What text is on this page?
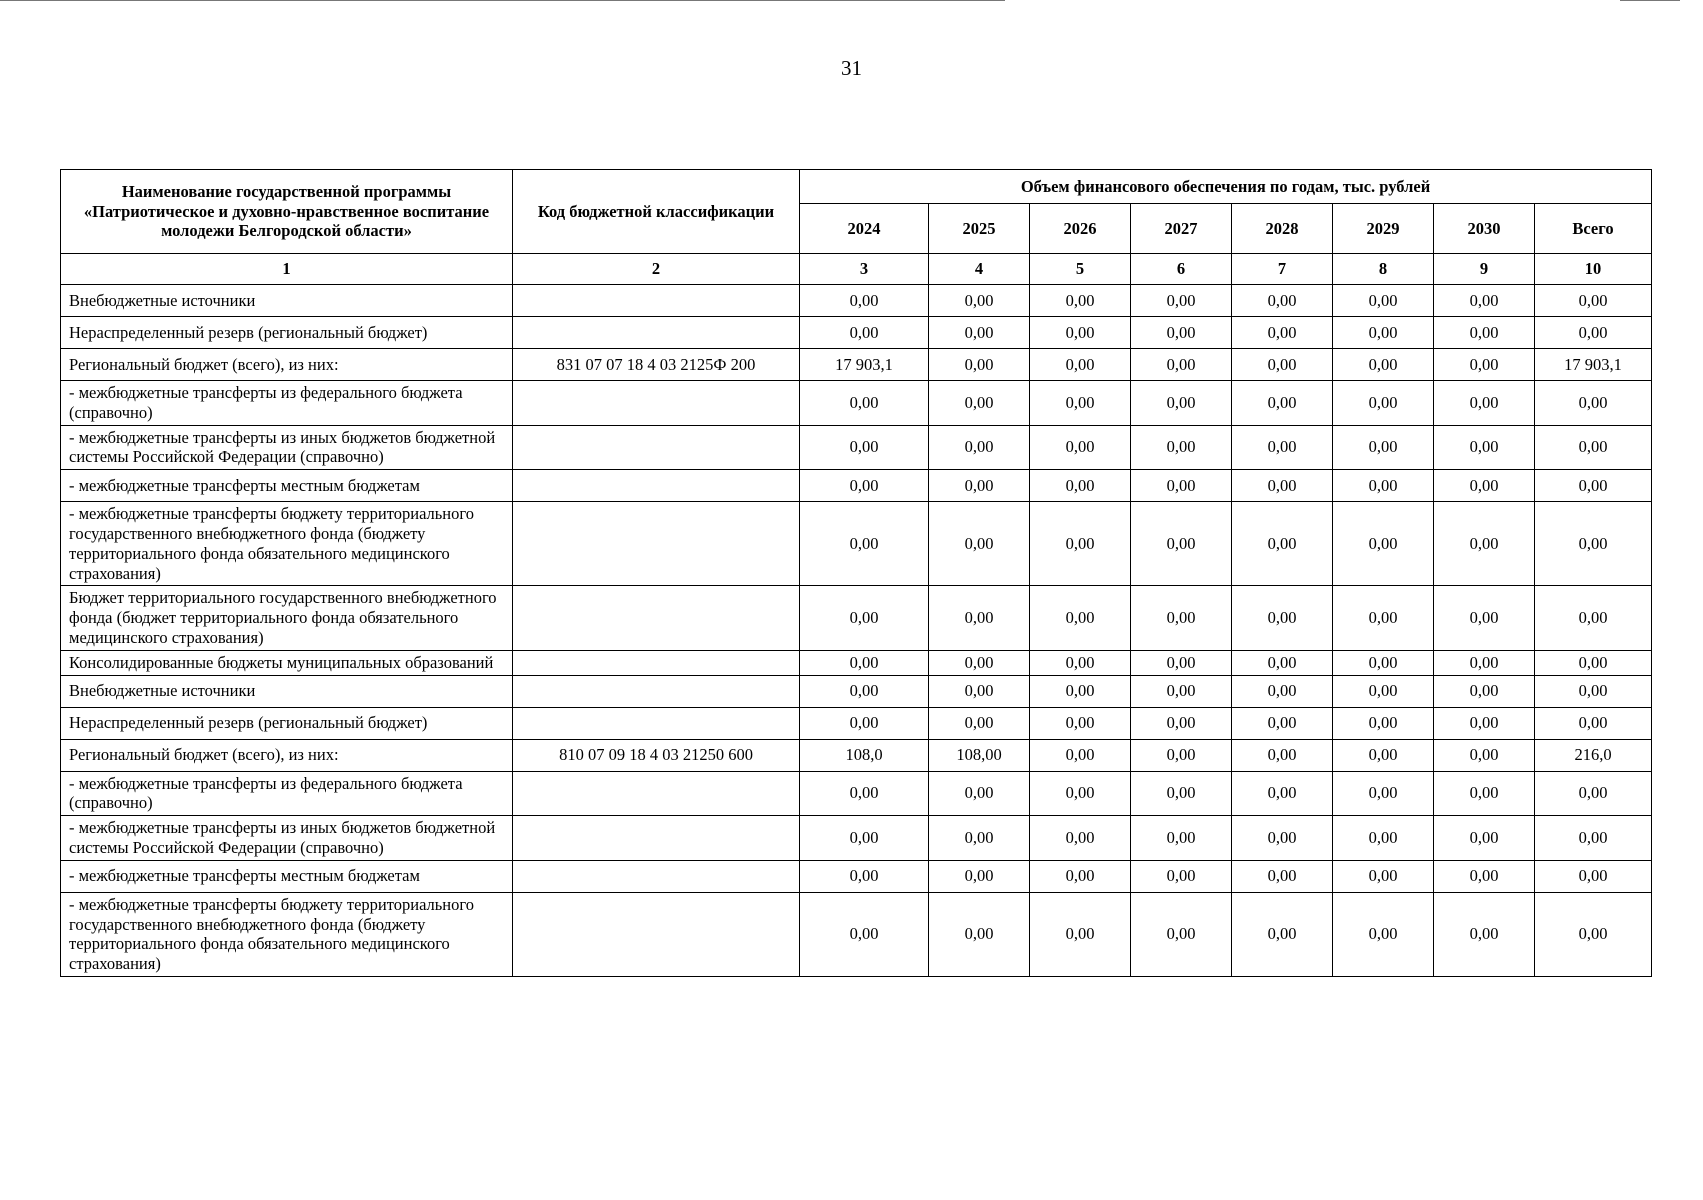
31
Наименование государственной программы «Патриотическое и духовно-нравственное воспитание молодежи Белгородской области»	Код бюджетной классификации	Объем финансового обеспечения по годам, тыс. рублей							
		2024	2025	2026	2027	2028	2029	2030	Всего
1	2	3	4	5	6	7	8	9	10
Внебюджетные источники		0,00	0,00	0,00	0,00	0,00	0,00	0,00	0,00
Нераспределенный резерв (региональный бюджет)		0,00	0,00	0,00	0,00	0,00	0,00	0,00	0,00
Региональный бюджет (всего), из них:	831 07 07 18 4 03 2125Ф 200	17 903,1	0,00	0,00	0,00	0,00	0,00	0,00	17 903,1
- межбюджетные трансферты из федерального бюджета (справочно)		0,00	0,00	0,00	0,00	0,00	0,00	0,00	0,00
- межбюджетные трансферты из иных бюджетов бюджетной системы Российской Федерации (справочно)		0,00	0,00	0,00	0,00	0,00	0,00	0,00	0,00
- межбюджетные трансферты местным бюджетам		0,00	0,00	0,00	0,00	0,00	0,00	0,00	0,00
- межбюджетные трансферты бюджету территориального государственного внебюджетного фонда (бюджету территориального фонда обязательного медицинского страхования)		0,00	0,00	0,00	0,00	0,00	0,00	0,00	0,00
Бюджет территориального государственного внебюджетного фонда (бюджет территориального фонда обязательного медицинского страхования)		0,00	0,00	0,00	0,00	0,00	0,00	0,00	0,00
Консолидированные бюджеты муниципальных образований		0,00	0,00	0,00	0,00	0,00	0,00	0,00	0,00
Внебюджетные источники		0,00	0,00	0,00	0,00	0,00	0,00	0,00	0,00
Нераспределенный резерв (региональный бюджет)		0,00	0,00	0,00	0,00	0,00	0,00	0,00	0,00
Региональный бюджет (всего), из них:	810 07 09 18 4 03 21250 600	108,0	108,00	0,00	0,00	0,00	0,00	0,00	216,0
- межбюджетные трансферты из федерального бюджета (справочно)		0,00	0,00	0,00	0,00	0,00	0,00	0,00	0,00
- межбюджетные трансферты из иных бюджетов бюджетной системы Российской Федерации (справочно)		0,00	0,00	0,00	0,00	0,00	0,00	0,00	0,00
- межбюджетные трансферты местным бюджетам		0,00	0,00	0,00	0,00	0,00	0,00	0,00	0,00
- межбюджетные трансферты бюджету территориального государственного внебюджетного фонда (бюджету территориального фонда обязательного медицинского страхования)		0,00	0,00	0,00	0,00	0,00	0,00	0,00	0,00
